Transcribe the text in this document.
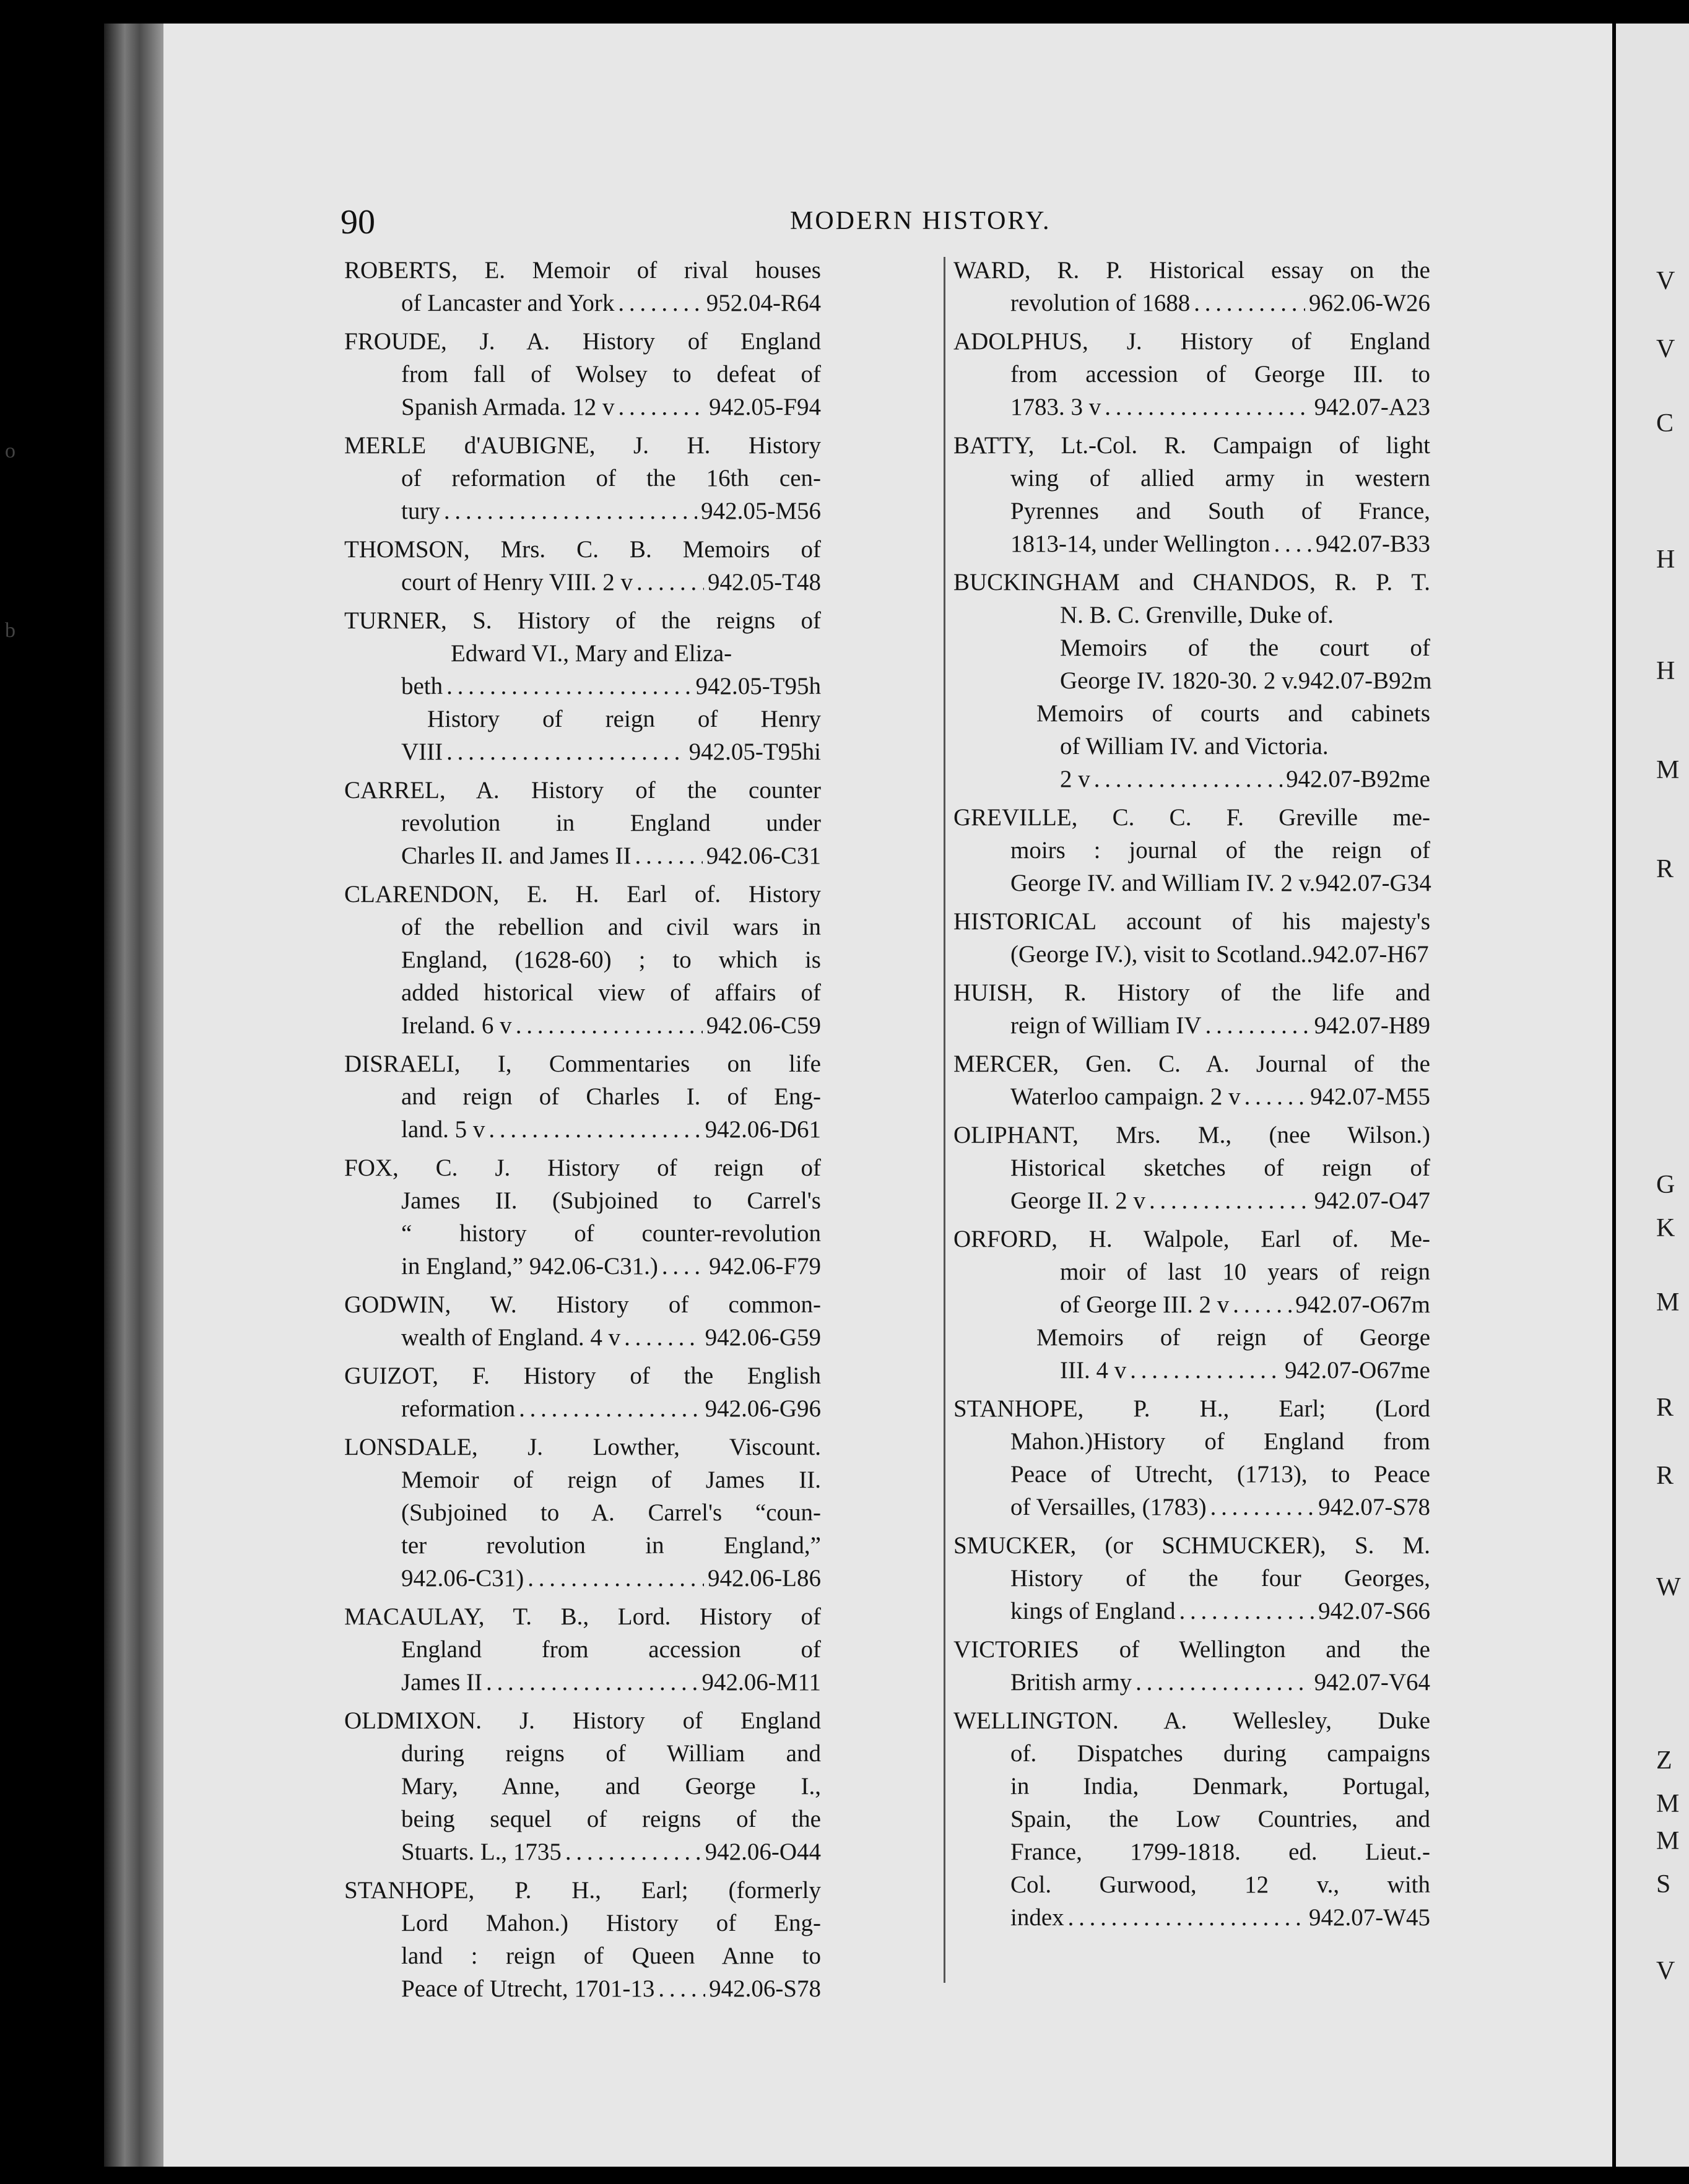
V
V
C
H
H
M
R
G
K
M
R
R
W
Z
M
M
S
V
o
b
90	MODERN HISTORY.
ROBERTS, E. Memoir of rival houses
of Lancaster and York . . .	952.04-R64
FROUDE, J. A. History of England
from fall of Wolsey to defeat of
Spanish Armada. 12 v . . .	942.05-F94
MERLE d'AUBIGNE, J. H. History
of reformation of the 16th cen-
tury . . .	942.05-M56
THOMSON, Mrs. C. B. Memoirs of
court of Henry VIII. 2 v . . .	942.05-T48
TURNER, S. History of the reigns of
Edward VI., Mary and Eliza-
beth . . .	942.05-T95h
History of reign of Henry
VIII . . .	942.05-T95hi
CARREL, A. History of the counter
revolution in England under
Charles II. and James II . . .	942.06-C31
CLARENDON, E. H. Earl of. History
of the rebellion and civil wars in
England, (1628-60) ; to which is
added historical view of affairs of
Ireland. 6 v . . .	942.06-C59
DISRAELI, I, Commentaries on life
and reign of Charles I. of Eng-
land. 5 v . . .	942.06-D61
FOX, C. J. History of reign of
James II. (Subjoined to Carrel's
“ history of counter-revolution
in England,” 942.06-C31.) . . . 942.06-F79
GODWIN, W. History of common-
wealth of England. 4 v . . .	942.06-G59
GUIZOT, F. History of the English
reformation . . .	942.06-G96
LONSDALE, J. Lowther, Viscount.
Memoir of reign of James II.
(Subjoined to A. Carrel's “coun-
ter revolution in England,”
942.06-C31) . . .	942.06-L86
MACAULAY, T. B., Lord. History of
England from accession of
James II . . .	942.06-M11
OLDMIXON. J. History of England
during reigns of William and
Mary, Anne, and George I.,
being sequel of reigns of the
Stuarts. L., 1735 . . .	942.06-O44
STANHOPE, P. H., Earl; (formerly
Lord Mahon.) History of Eng-
land : reign of Queen Anne to
Peace of Utrecht, 1701-13 . . . 942.06-S78
WARD, R. P. Historical essay on the
revolution of 1688 . . .	962.06-W26
ADOLPHUS, J. History of England
from accession of George III. to
1783. 3 v . . .	942.07-A23
BATTY, Lt.-Col. R. Campaign of light
wing of allied army in western
Pyrennes and South of France,
1813-14, under Wellington . . . 942.07-B33
BUCKINGHAM and CHANDOS, R. P. T.
N. B. C. Grenville, Duke of.
Memoirs of the court of
George IV. 1820-30. 2 v.942.07-B92m
Memoirs of courts and cabinets
of William IV. and Victoria.
2 v . . .	942.07-B92me
GREVILLE, C. C. F. Greville me-
moirs : journal of the reign of
George IV. and William IV. 2 v.942.07-G34
HISTORICAL account of his majesty's
(George IV.), visit to Scotland..942.07-H67
HUISH, R. History of the life and
reign of William IV . . .	942.07-H89
MERCER, Gen. C. A. Journal of the
Waterloo campaign. 2 v . . .	942.07-M55
OLIPHANT, Mrs. M., (nee Wilson.)
Historical sketches of reign of
George II. 2 v . . .	942.07-O47
ORFORD, H. Walpole, Earl of. Me-
moir of last 10 years of reign
of George III. 2 v . . .	942.07-O67m
Memoirs of reign of George
III. 4 v . . .	942.07-O67me
STANHOPE, P. H., Earl; (Lord
Mahon.)History of England from
Peace of Utrecht, (1713), to Peace
of Versailles, (1783) . . .	942.07-S78
SMUCKER, (or SCHMUCKER), S. M.
History of the four Georges,
kings of England . . .	942.07-S66
VICTORIES of Wellington and the
British army . . .	942.07-V64
WELLINGTON. A. Wellesley, Duke
of. Dispatches during campaigns
in India, Denmark, Portugal,
Spain, the Low Countries, and
France, 1799-1818. ed. Lieut.-
Col. Gurwood, 12 v., with
index . . .	942.07-W45
